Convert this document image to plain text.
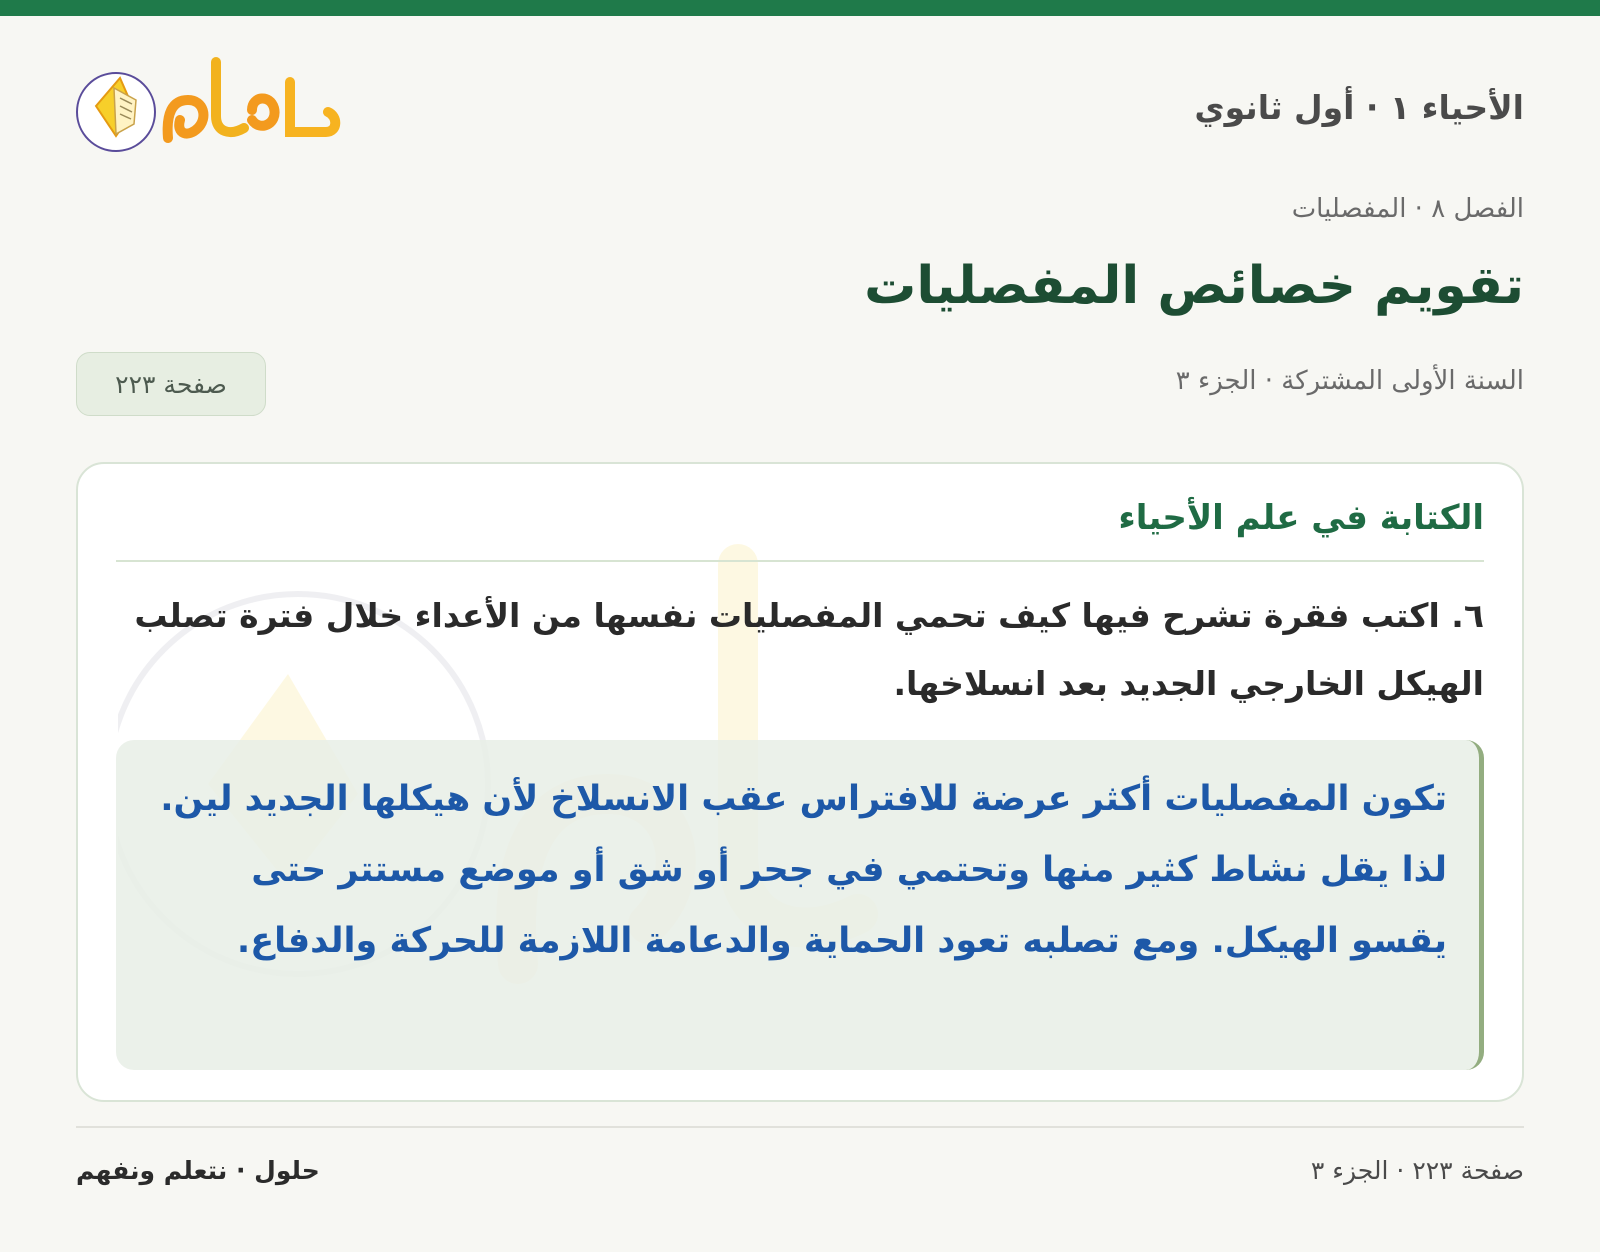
الأحياء ١ · أول ثانوي
الفصل ٨ · المفصليات
تقويم خصائص المفصليات
السنة الأولى المشتركة · الجزء ٣
صفحة ٢٢٣
الكتابة في علم الأحياء

٦. اكتب فقرة تشرح فيها كيف تحمي المفصليات نفسها من الأعداء خلال فترة تصلب الهيكل الخارجي الجديد بعد انسلاخها.

تكون المفصليات أكثر عرضة للافتراس عقب الانسلاخ لأن هيكلها الجديد لين. لذا يقل نشاط كثير منها وتحتمي في جحر أو شق أو موضع مستتر حتى يقسو الهيكل. ومع تصلبه تعود الحماية والدعامة اللازمة للحركة والدفاع.
صفحة ٢٢٣ · الجزء ٣
حلول · نتعلم ونفهم
